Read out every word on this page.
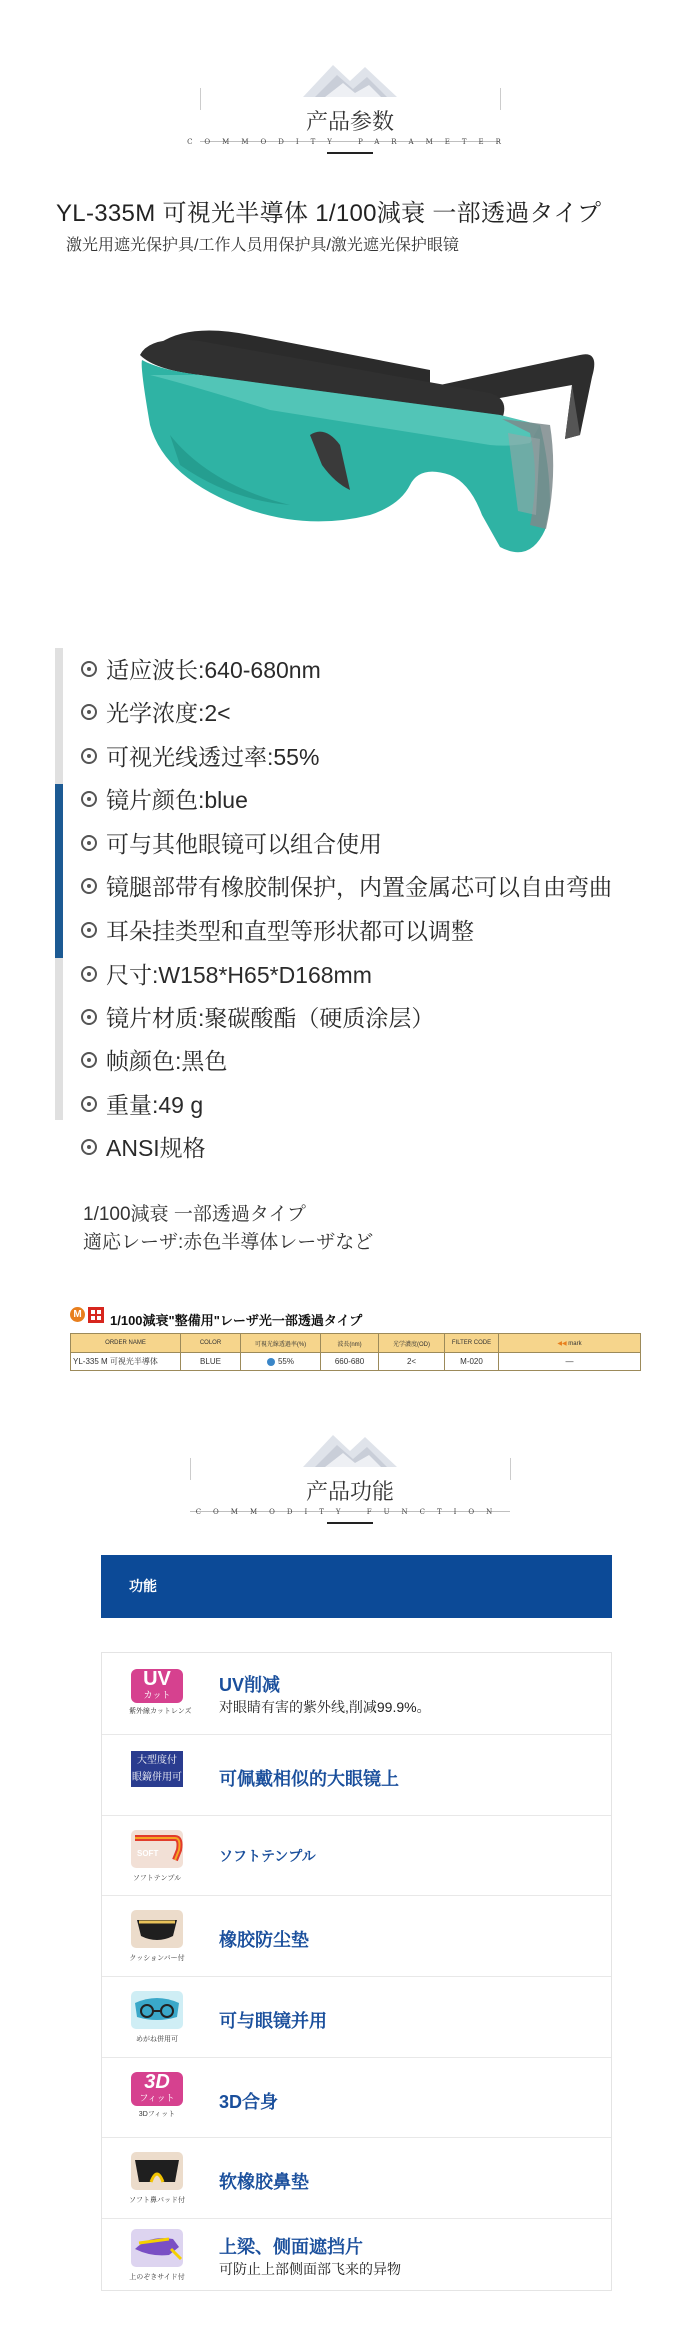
产品参数
COMMODITY PARAMETER
YL-335M 可視光半導体 1/100減衰 一部透過タイプ
激光用遮光保护具/工作人员用保护具/激光遮光保护眼镜
适应波长:640-680nm
光学浓度:2<
可视光线透过率:55%
镜片颜色:blue
可与其他眼镜可以组合使用
镜腿部带有橡胶制保护，内置金属芯可以自由弯曲
耳朵挂类型和直型等形状都可以调整
尺寸:W158*H65*D168mm
镜片材质:聚碳酸酯（硬质涂层）
帧颜色:黑色
重量:49 g
ANSI规格
1/100減衰 一部透過タイプ
適応レーザ:赤色半導体レーザなど
M 1/100減衰"整備用"レーザ光一部透過タイプ
ORDER NAME	COLOR	可視光線透過率(%)	波長(nm)	光学濃度(OD)	FILTER CODE	◀◀ mark
YL-335 M 可視光半導体	BLUE	55%	660-680	2<	M-020	—
产品功能
COMMODITY FUNCTION
功能
UV
カット
紫外線カットレンズ
UV削减
对眼睛有害的紫外线,削减99.9%。
大型度付
眼鏡併用可 可佩戴相似的大眼镜上
SOFT
ソフトテンプル
ソフトテンプル
クッションバー付
橡胶防尘垫
めがね併用可
可与眼镜并用
3D
フィット
3Dフィット
3D合身
ソフト鼻パッド付
软橡胶鼻垫
上のぞきサイド付
上梁、侧面遮挡片
可防止上部侧面部飞来的异物
